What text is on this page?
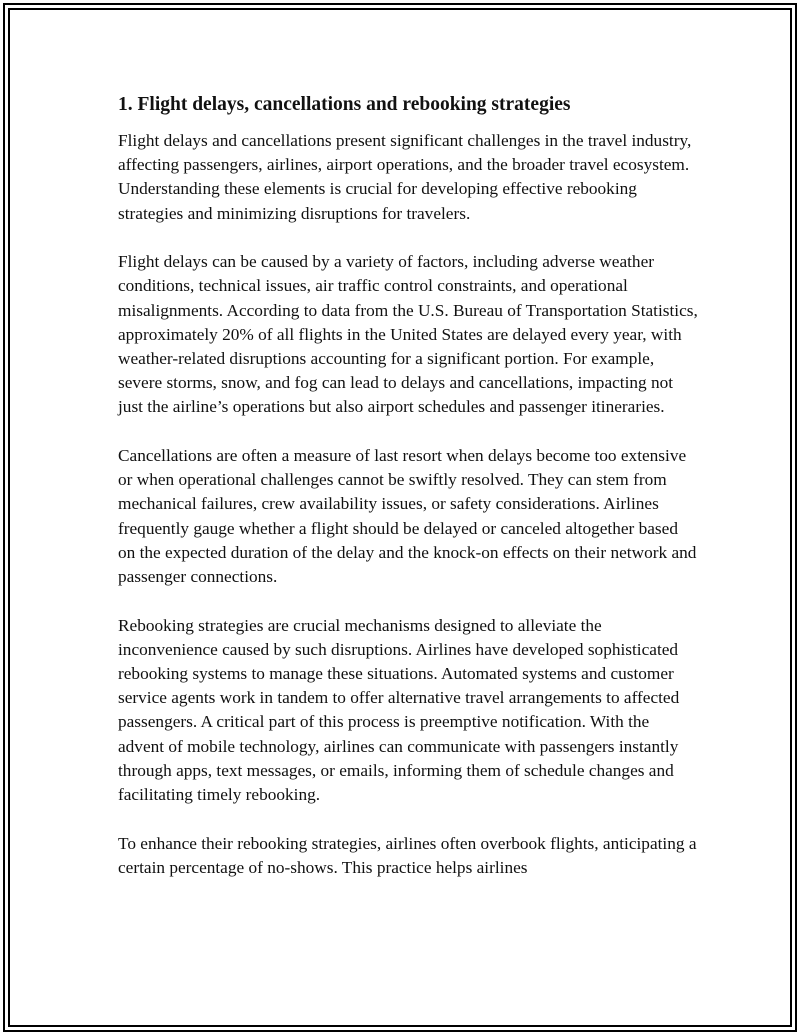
1. Flight delays, cancellations and rebooking strategies

Flight delays and cancellations present significant challenges in the travel industry, affecting passengers, airlines, airport operations, and the broader travel ecosystem. Understanding these elements is crucial for developing effective rebooking strategies and minimizing disruptions for travelers.

Flight delays can be caused by a variety of factors, including adverse weather conditions, technical issues, air traffic control constraints, and operational misalignments. According to data from the U.S. Bureau of Transportation Statistics, approximately 20% of all flights in the United States are delayed every year, with weather-related disruptions accounting for a significant portion. For example, severe storms, snow, and fog can lead to delays and cancellations, impacting not just the airline’s operations but also airport schedules and passenger itineraries.

Cancellations are often a measure of last resort when delays become too extensive or when operational challenges cannot be swiftly resolved. They can stem from mechanical failures, crew availability issues, or safety considerations. Airlines frequently gauge whether a flight should be delayed or canceled altogether based on the expected duration of the delay and the knock-on effects on their network and passenger connections.

Rebooking strategies are crucial mechanisms designed to alleviate the inconvenience caused by such disruptions. Airlines have developed sophisticated rebooking systems to manage these situations. Automated systems and customer service agents work in tandem to offer alternative travel arrangements to affected passengers. A critical part of this process is preemptive notification. With the advent of mobile technology, airlines can communicate with passengers instantly through apps, text messages, or emails, informing them of schedule changes and facilitating timely rebooking.

To enhance their rebooking strategies, airlines often overbook flights, anticipating a certain percentage of no-shows. This practice helps airlines
